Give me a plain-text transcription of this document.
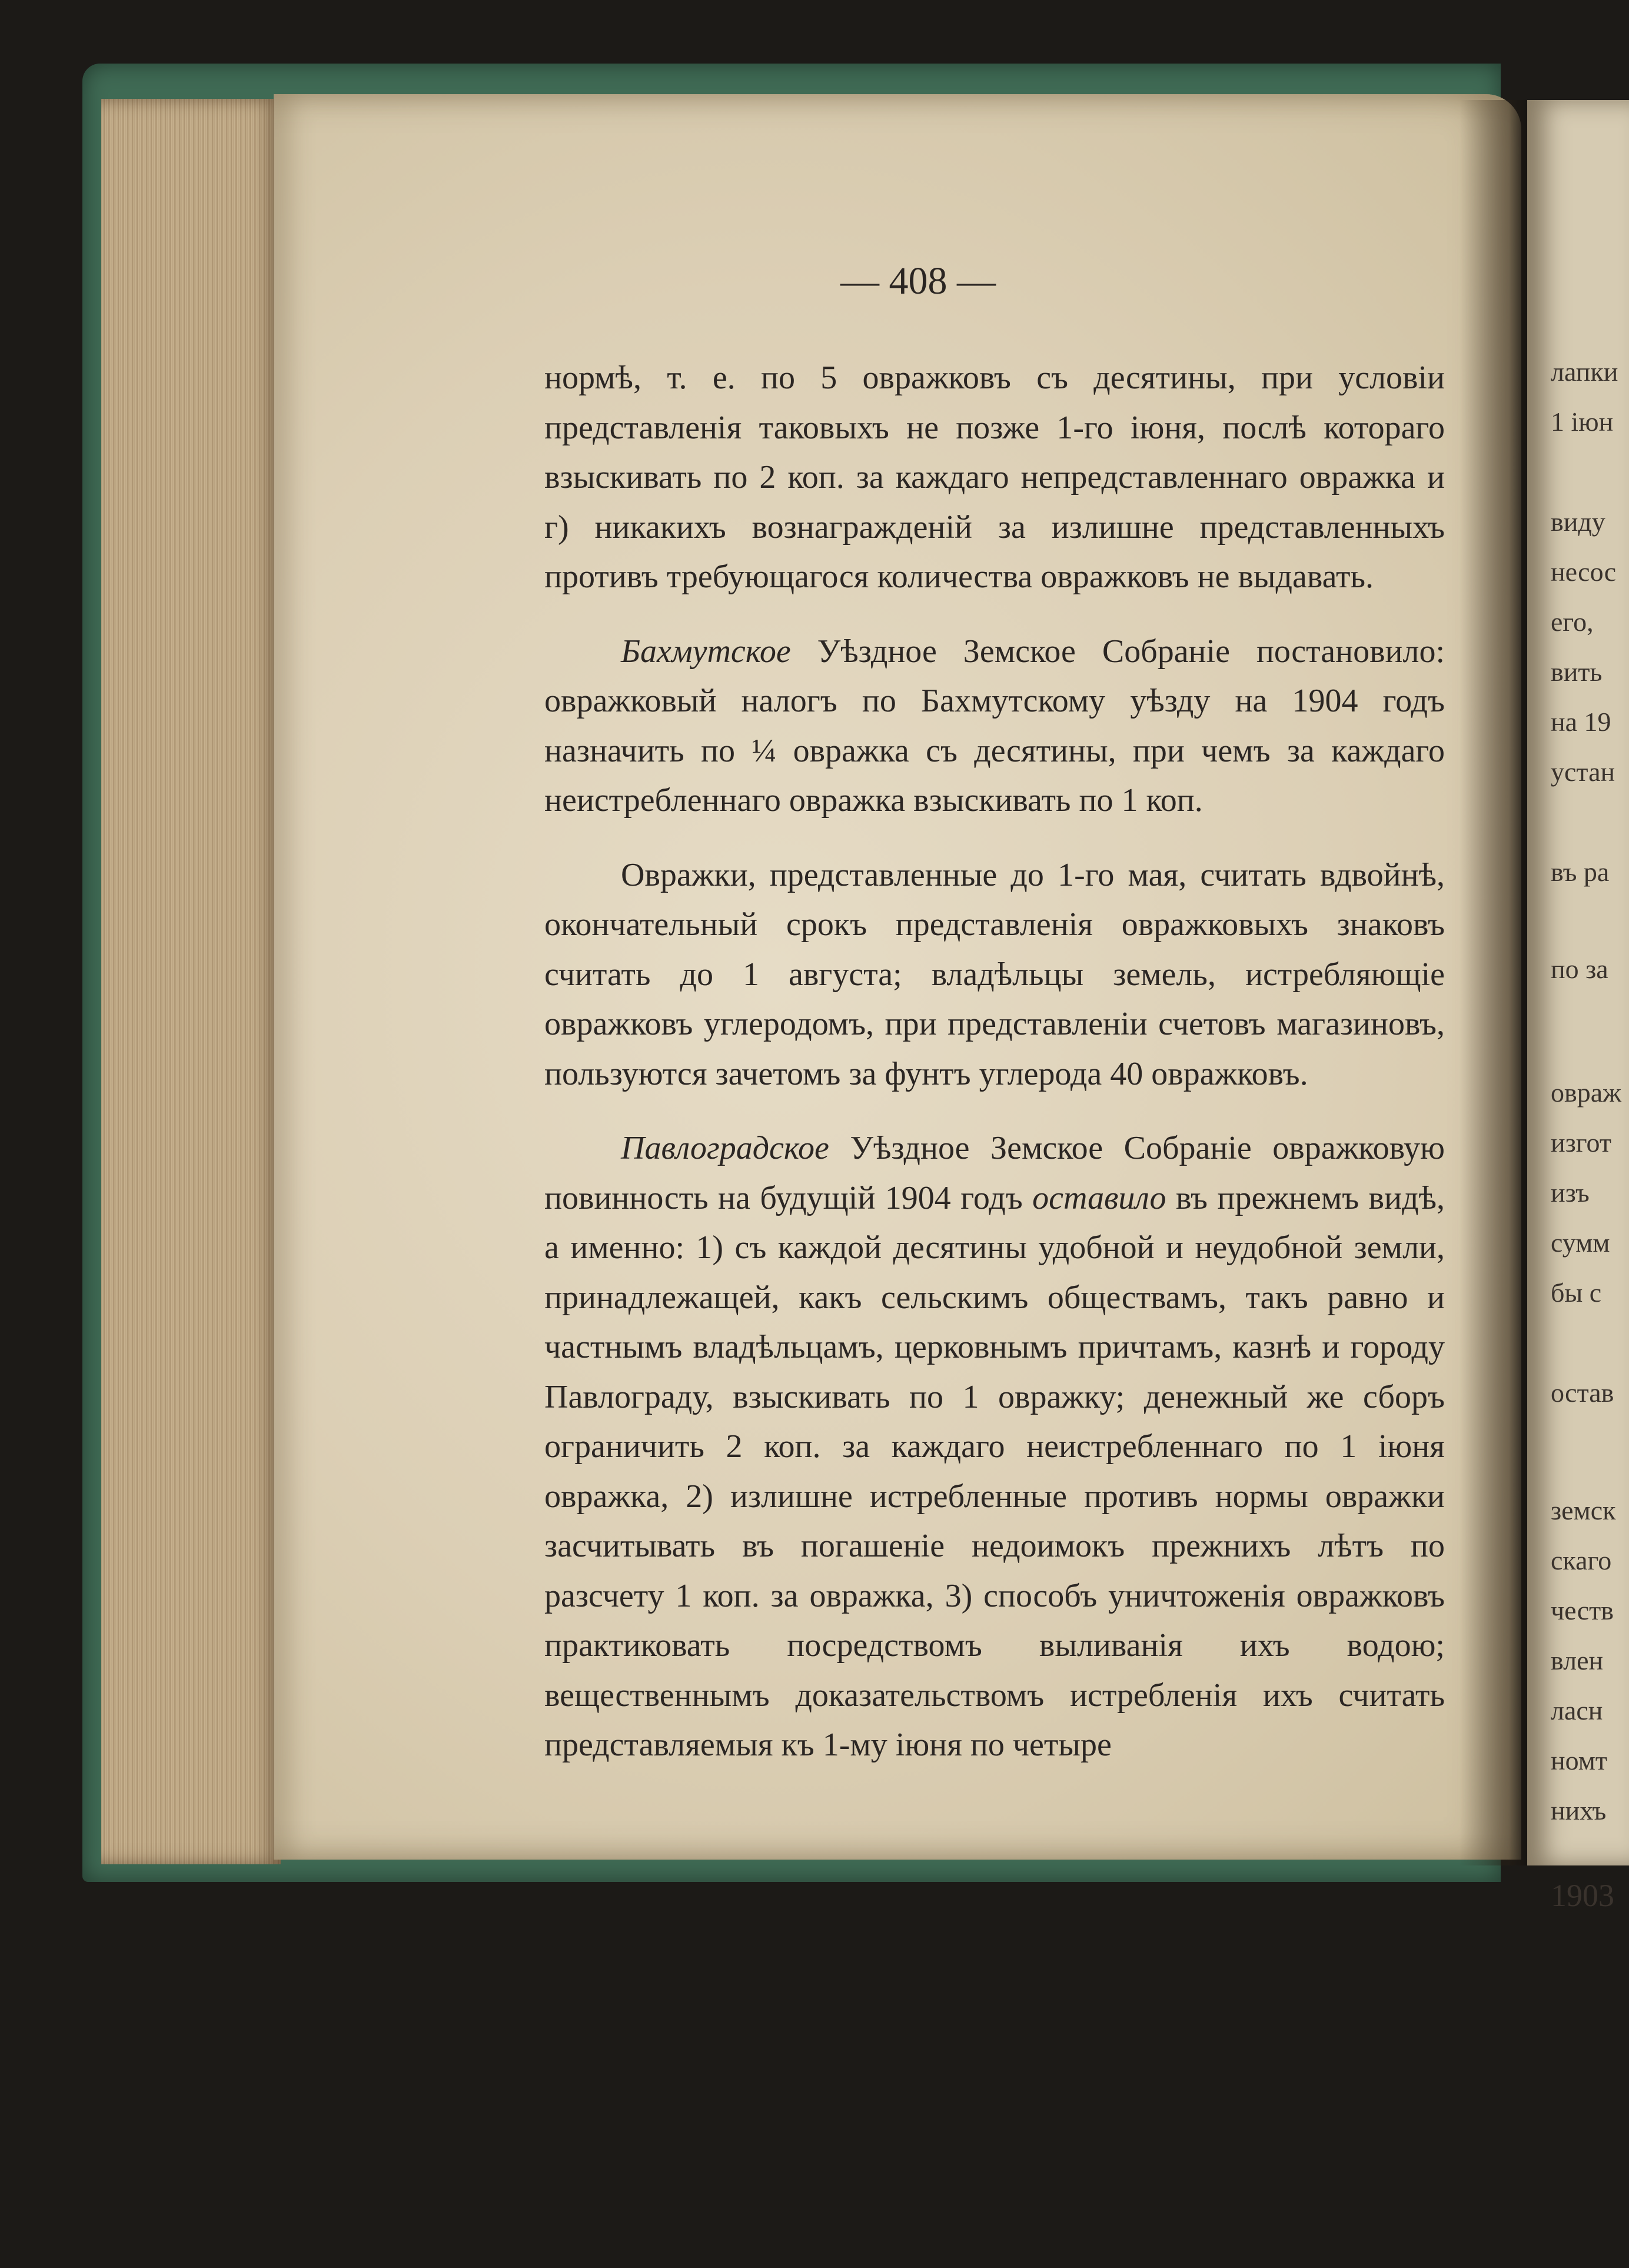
— 408 —

нормѣ, т. е. по 5 овражковъ съ десятины, при условіи представленія таковыхъ не позже 1-го іюня, послѣ котораго взыскивать по 2 коп. за каждаго непредставленнаго овражка и г) никакихъ вознагражденій за излишне представленныхъ противъ требующагося количества овражковъ не выдавать.

Бахмутское Уѣздное Земское Собраніе постановило: овражковый налогъ по Бахмутскому уѣзду на 1904 годъ назначить по ¼ овражка съ десятины, при чемъ за каждаго неистребленнаго овражка взыскивать по 1 коп.

Овражки, представленные до 1-го мая, считать вдвойнѣ, окончательный срокъ представленія овражковыхъ знаковъ считать до 1 августа; владѣльцы земель, истребляющіе овражковъ углеродомъ, при представленіи счетовъ магазиновъ, пользуются зачетомъ за фунтъ углерода 40 овражковъ.

Павлоградское Уѣздное Земское Собраніе овражковую повинность на будущій 1904 годъ оставило въ прежнемъ видѣ, а именно: 1) съ каждой десятины удобной и неудобной земли, принадлежащей, какъ сельскимъ обществамъ, такъ равно и частнымъ владѣльцамъ, церковнымъ причтамъ, казнѣ и городу Павлограду, взыскивать по 1 овражку; денежный же сборъ ограничить 2 коп. за каждаго неистребленнаго по 1 іюня овражка, 2) излишне истребленные противъ нормы овражки засчитывать въ погашеніе недоимокъ прежнихъ лѣтъ по разсчету 1 коп. за овражка, 3) способъ уничтоженія овражковъ практиковать посредствомъ выливанія ихъ водою; вещественнымъ доказательствомъ истребленія ихъ считать представляемыя къ 1-му іюня по четыре

лапки
1 іюн
виду
несос
его,
вить
на 19
устан
въ ра
по за
овраж
изгот
изъ
сумм
бы с
остав
земск
скаго
честв
влен
ласн
номт
нихъ
1903
